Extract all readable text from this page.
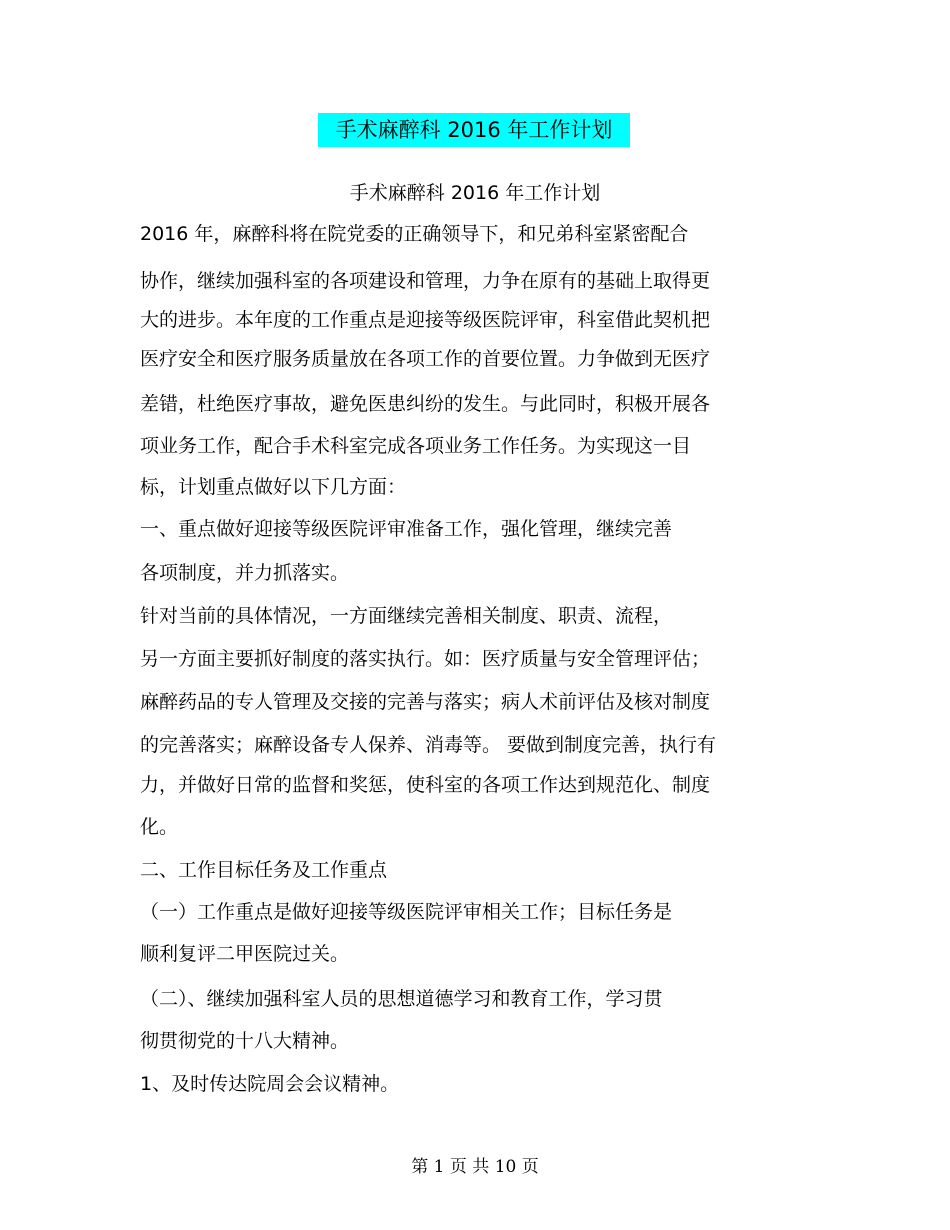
手术麻醉科 2016 年工作计划
手术麻醉科 2016 年工作计划
2016 年，麻醉科将在院党委的正确领导下，和兄弟科室紧密配合
协作，继续加强科室的各项建设和管理，力争在原有的基础上取得更
大的进步。本年度的工作重点是迎接等级医院评审，科室借此契机把
医疗安全和医疗服务质量放在各项工作的首要位置。力争做到无医疗
差错，杜绝医疗事故，避免医患纠纷的发生。与此同时，积极开展各
项业务工作，配合手术科室完成各项业务工作任务。为实现这一目
标，计划重点做好以下几方面：
一、重点做好迎接等级医院评审准备工作，强化管理，继续完善
各项制度，并力抓落实。
针对当前的具体情况，一方面继续完善相关制度、职责、流程，
另一方面主要抓好制度的落实执行。如：医疗质量与安全管理评估；
麻醉药品的专人管理及交接的完善与落实；病人术前评估及核对制度
的完善落实；麻醉设备专人保养、消毒等。 要做到制度完善，执行有
力，并做好日常的监督和奖惩，使科室的各项工作达到规范化、制度
化。
二、工作目标任务及工作重点
（一）工作重点是做好迎接等级医院评审相关工作；目标任务是
顺利复评二甲医院过关。
（二）、继续加强科室人员的思想道德学习和教育工作，学习贯
彻贯彻党的十八大精神。
1、及时传达院周会会议精神。
第 1 页 共 10 页
